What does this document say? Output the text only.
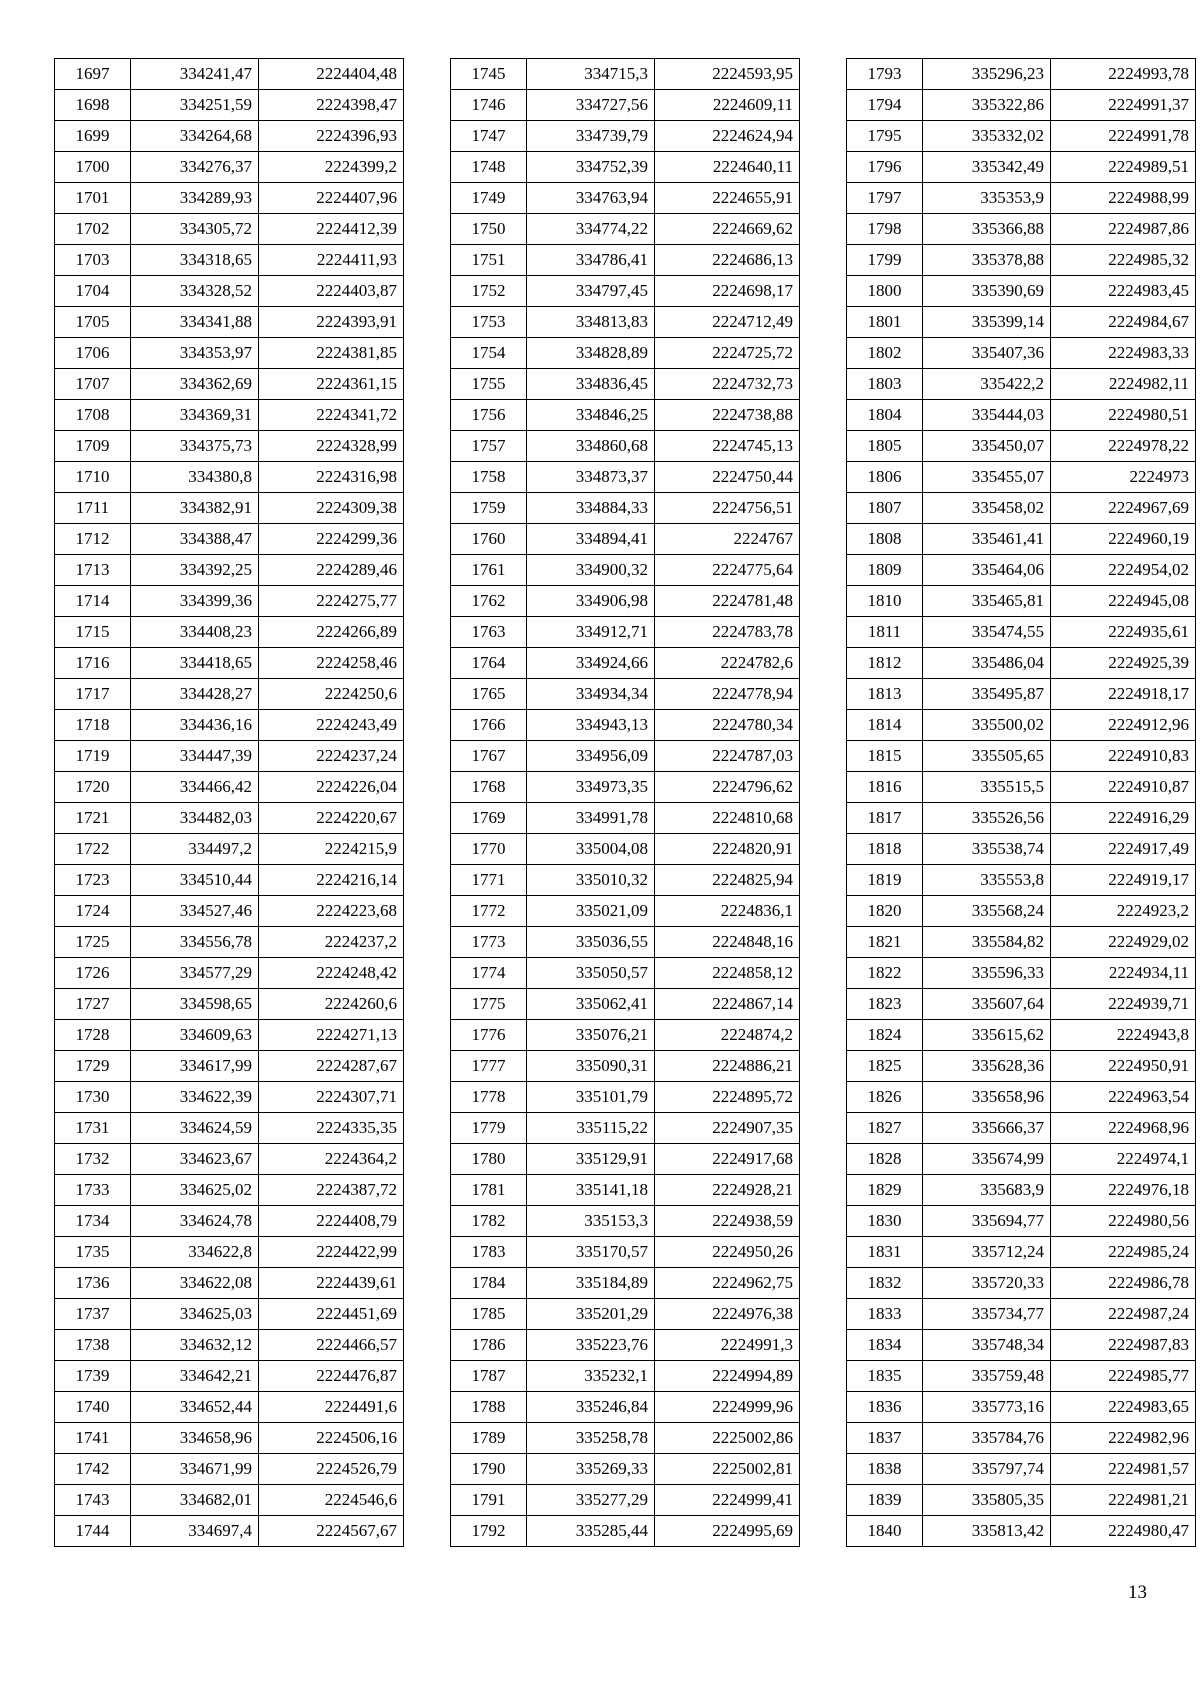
1697	334241,47	2224404,48
1698	334251,59	2224398,47
1699	334264,68	2224396,93
1700	334276,37	2224399,2
1701	334289,93	2224407,96
1702	334305,72	2224412,39
1703	334318,65	2224411,93
1704	334328,52	2224403,87
1705	334341,88	2224393,91
1706	334353,97	2224381,85
1707	334362,69	2224361,15
1708	334369,31	2224341,72
1709	334375,73	2224328,99
1710	334380,8	2224316,98
1711	334382,91	2224309,38
1712	334388,47	2224299,36
1713	334392,25	2224289,46
1714	334399,36	2224275,77
1715	334408,23	2224266,89
1716	334418,65	2224258,46
1717	334428,27	2224250,6
1718	334436,16	2224243,49
1719	334447,39	2224237,24
1720	334466,42	2224226,04
1721	334482,03	2224220,67
1722	334497,2	2224215,9
1723	334510,44	2224216,14
1724	334527,46	2224223,68
1725	334556,78	2224237,2
1726	334577,29	2224248,42
1727	334598,65	2224260,6
1728	334609,63	2224271,13
1729	334617,99	2224287,67
1730	334622,39	2224307,71
1731	334624,59	2224335,35
1732	334623,67	2224364,2
1733	334625,02	2224387,72
1734	334624,78	2224408,79
1735	334622,8	2224422,99
1736	334622,08	2224439,61
1737	334625,03	2224451,69
1738	334632,12	2224466,57
1739	334642,21	2224476,87
1740	334652,44	2224491,6
1741	334658,96	2224506,16
1742	334671,99	2224526,79
1743	334682,01	2224546,6
1744	334697,4	2224567,67
1745	334715,3	2224593,95
1746	334727,56	2224609,11
1747	334739,79	2224624,94
1748	334752,39	2224640,11
1749	334763,94	2224655,91
1750	334774,22	2224669,62
1751	334786,41	2224686,13
1752	334797,45	2224698,17
1753	334813,83	2224712,49
1754	334828,89	2224725,72
1755	334836,45	2224732,73
1756	334846,25	2224738,88
1757	334860,68	2224745,13
1758	334873,37	2224750,44
1759	334884,33	2224756,51
1760	334894,41	2224767
1761	334900,32	2224775,64
1762	334906,98	2224781,48
1763	334912,71	2224783,78
1764	334924,66	2224782,6
1765	334934,34	2224778,94
1766	334943,13	2224780,34
1767	334956,09	2224787,03
1768	334973,35	2224796,62
1769	334991,78	2224810,68
1770	335004,08	2224820,91
1771	335010,32	2224825,94
1772	335021,09	2224836,1
1773	335036,55	2224848,16
1774	335050,57	2224858,12
1775	335062,41	2224867,14
1776	335076,21	2224874,2
1777	335090,31	2224886,21
1778	335101,79	2224895,72
1779	335115,22	2224907,35
1780	335129,91	2224917,68
1781	335141,18	2224928,21
1782	335153,3	2224938,59
1783	335170,57	2224950,26
1784	335184,89	2224962,75
1785	335201,29	2224976,38
1786	335223,76	2224991,3
1787	335232,1	2224994,89
1788	335246,84	2224999,96
1789	335258,78	2225002,86
1790	335269,33	2225002,81
1791	335277,29	2224999,41
1792	335285,44	2224995,69
1793	335296,23	2224993,78
1794	335322,86	2224991,37
1795	335332,02	2224991,78
1796	335342,49	2224989,51
1797	335353,9	2224988,99
1798	335366,88	2224987,86
1799	335378,88	2224985,32
1800	335390,69	2224983,45
1801	335399,14	2224984,67
1802	335407,36	2224983,33
1803	335422,2	2224982,11
1804	335444,03	2224980,51
1805	335450,07	2224978,22
1806	335455,07	2224973
1807	335458,02	2224967,69
1808	335461,41	2224960,19
1809	335464,06	2224954,02
1810	335465,81	2224945,08
1811	335474,55	2224935,61
1812	335486,04	2224925,39
1813	335495,87	2224918,17
1814	335500,02	2224912,96
1815	335505,65	2224910,83
1816	335515,5	2224910,87
1817	335526,56	2224916,29
1818	335538,74	2224917,49
1819	335553,8	2224919,17
1820	335568,24	2224923,2
1821	335584,82	2224929,02
1822	335596,33	2224934,11
1823	335607,64	2224939,71
1824	335615,62	2224943,8
1825	335628,36	2224950,91
1826	335658,96	2224963,54
1827	335666,37	2224968,96
1828	335674,99	2224974,1
1829	335683,9	2224976,18
1830	335694,77	2224980,56
1831	335712,24	2224985,24
1832	335720,33	2224986,78
1833	335734,77	2224987,24
1834	335748,34	2224987,83
1835	335759,48	2224985,77
1836	335773,16	2224983,65
1837	335784,76	2224982,96
1838	335797,74	2224981,57
1839	335805,35	2224981,21
1840	335813,42	2224980,47
13
